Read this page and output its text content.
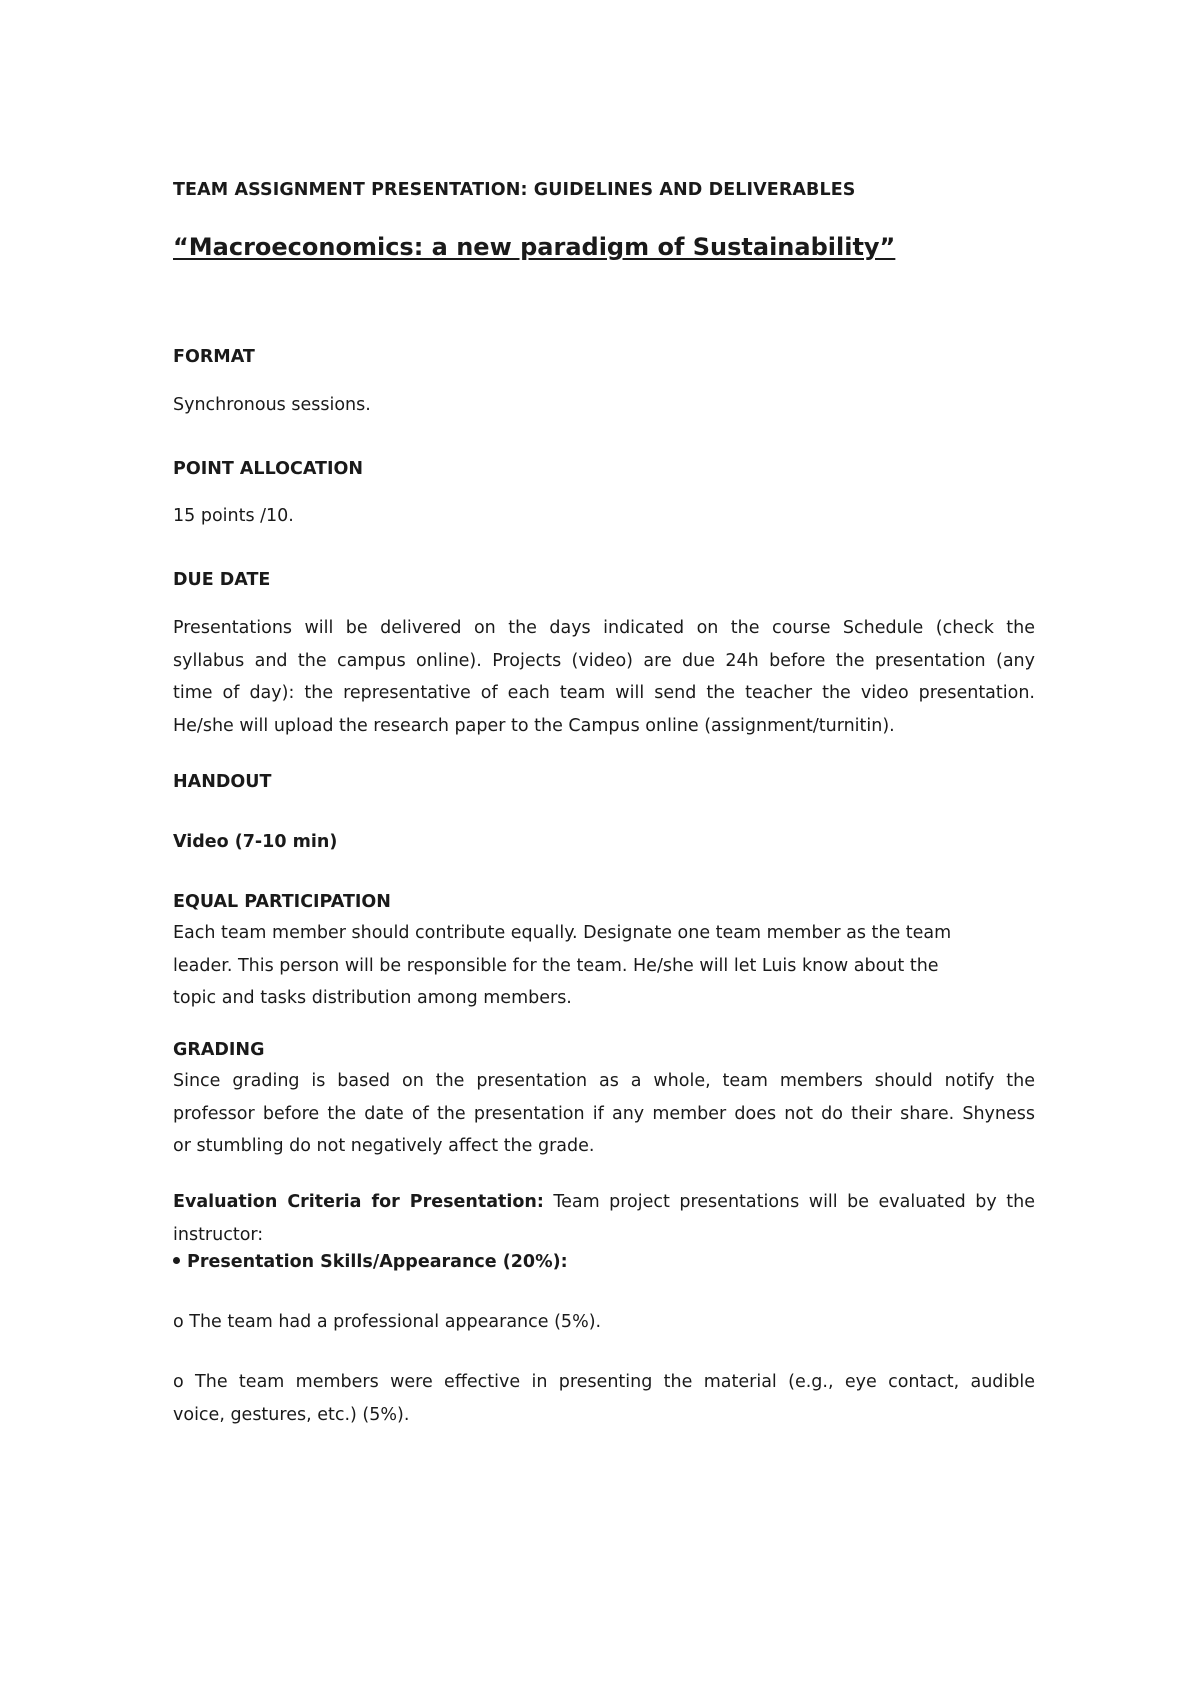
TEAM ASSIGNMENT PRESENTATION: GUIDELINES AND DELIVERABLES
“Macroeconomics: a new paradigm of Sustainability”
FORMAT
Synchronous sessions.
POINT ALLOCATION
15 points /10.
DUE DATE
Presentations will be delivered on the days indicated on the course Schedule (check the
syllabus and the campus online). Projects (video) are due 24h before the presentation (any
time of day): the representative of each team will send the teacher the video presentation.
He/she will upload the research paper to the Campus online (assignment/turnitin).
HANDOUT
Video (7-10 min)
EQUAL PARTICIPATION
Each team member should contribute equally. Designate one team member as the team
leader. This person will be responsible for the team. He/she will let Luis know about the
topic and tasks distribution among members.
GRADING
Since grading is based on the presentation as a whole, team members should notify the
professor before the date of the presentation if any member does not do their share. Shyness
or stumbling do not negatively affect the grade.
Evaluation Criteria for Presentation: Team project presentations will be evaluated by the
instructor:
Presentation Skills/Appearance (20%):
o The team had a professional appearance (5%).
o The team members were effective in presenting the material (e.g., eye contact, audible
voice, gestures, etc.) (5%).
